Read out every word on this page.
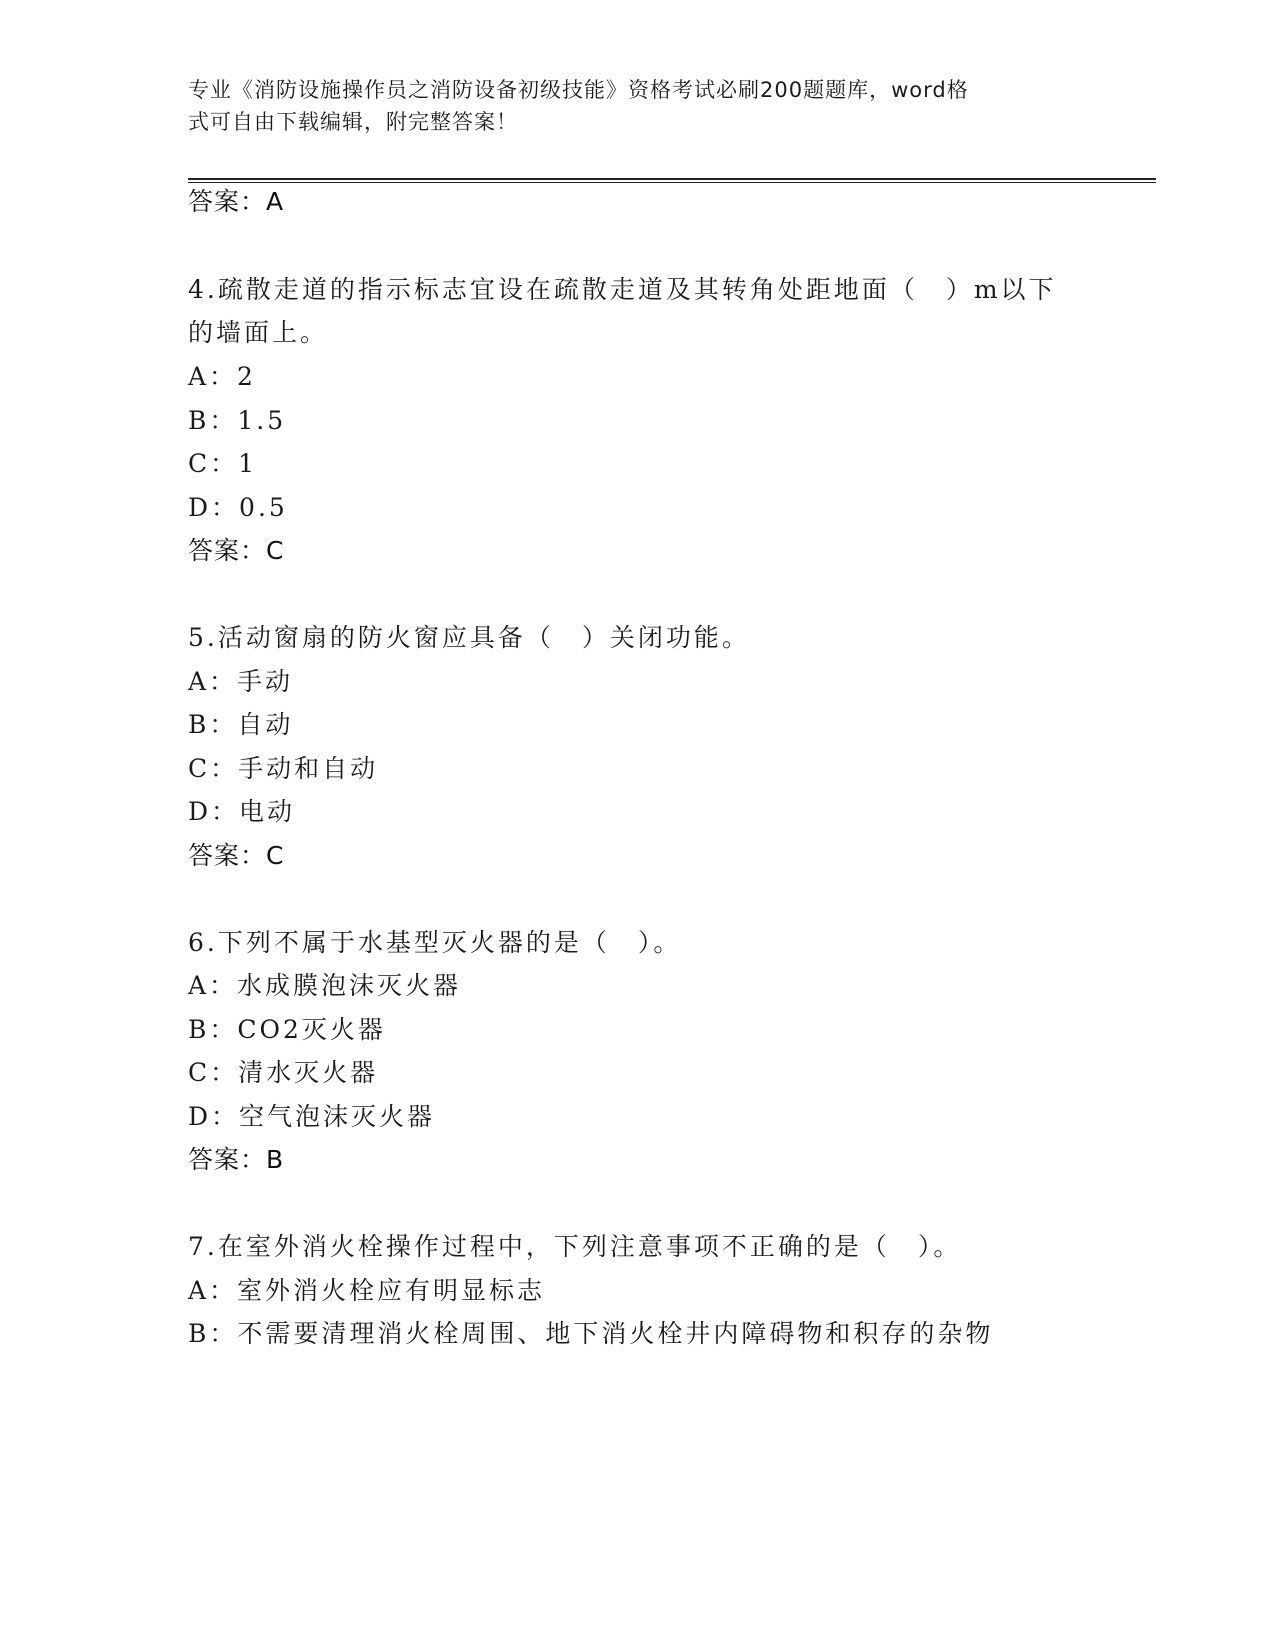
专业《消防设施操作员之消防设备初级技能》资格考试必刷200题题库，word格
式可自由下载编辑，附完整答案！
答案：A
4.疏散走道的指示标志宜设在疏散走道及其转角处距地面（　）m以下
的墙面上。
A：2
B：1.5
C：1
D：0.5
答案：C
5.活动窗扇的防火窗应具备（　）关闭功能。
A：手动
B：自动
C：手动和自动
D：电动
答案：C
6.下列不属于水基型灭火器的是（　）。
A：水成膜泡沫灭火器
B：CO2灭火器
C：清水灭火器
D：空气泡沫灭火器
答案：B
7.在室外消火栓操作过程中，下列注意事项不正确的是（　）。
A：室外消火栓应有明显标志
B：不需要清理消火栓周围、地下消火栓井内障碍物和积存的杂物
